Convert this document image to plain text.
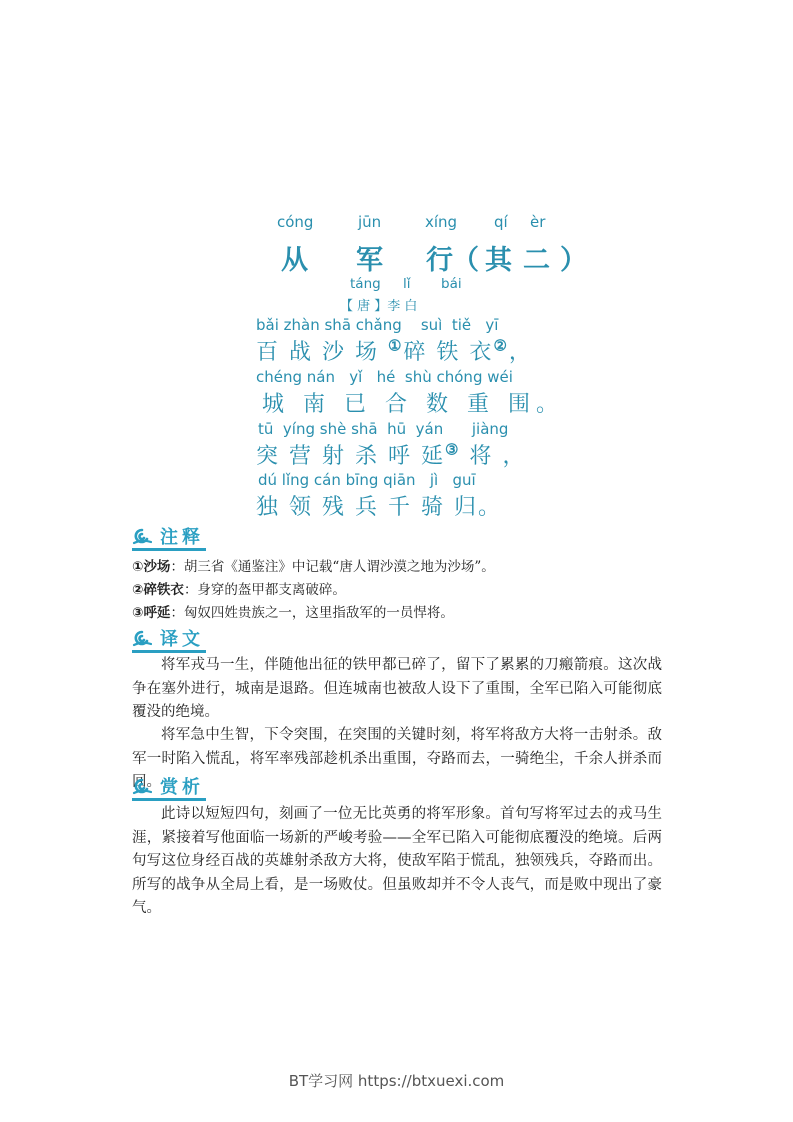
cóng	jūn	xíng qí èr
从 军 行 （ 其 二 ）
táng lǐ bái
【 唐 】李 白
bǎi zhàn shā chǎng    suì  tiě   yī
百 战 沙 场 ①碎 铁 衣②，
chéng nán   yǐ   hé  shù chóng wéi
城 南 已 合 数 重 围。
tū  yíng shè shā  hū  yán      jiàng
突 营 射 杀 呼 延③ 将 ，
dú lǐng cán bīng qiān   jì   guī
独 领 残 兵 千 骑 归。
注释
①沙场：胡三省《通鉴注》中记载“唐人谓沙漠之地为沙场”。
②碎铁衣：身穿的盔甲都支离破碎。
③呼延：匈奴四姓贵族之一，这里指敌军的一员悍将。
译文
将军戎马一生，伴随他出征的铁甲都已碎了，留下了累累的刀瘢箭痕。这次战争在塞外进行，城南是退路。但连城南也被敌人设下了重围，全军已陷入可能彻底覆没的绝境。
将军急中生智，下令突围，在突围的关键时刻，将军将敌方大将一击射杀。敌军一时陷入慌乱，将军率残部趁机杀出重围，夺路而去，一骑绝尘，千余人拼杀而回。 赏析
此诗以短短四句，刻画了一位无比英勇的将军形象。首句写将军过去的戎马生涯，紧接着写他面临一场新的严峻考验——全军已陷入可能彻底覆没的绝境。后两句写这位身经百战的英雄射杀敌方大将，使敌军陷于慌乱，独领残兵，夺路而出。所写的战争从全局上看，是一场败仗。但虽败却并不令人丧气，而是败中现出了豪气。
BT学习网 https://btxuexi.com
